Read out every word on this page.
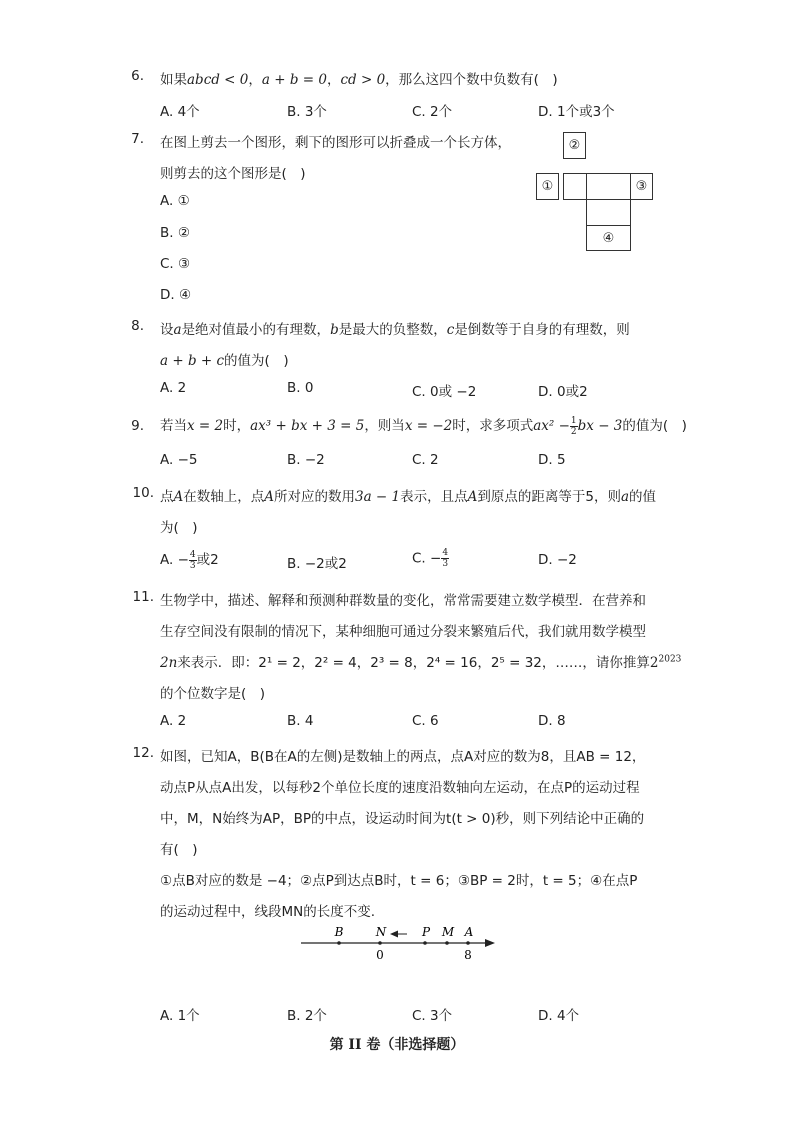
6. 如果abcd < 0，a + b = 0，cd > 0，那么这四个数中负数有(　)
A. 4个	B. 3个	C. 2个	D. 1个或3个
7. 在图上剪去一个图形，剩下的图形可以折叠成一个长方体，
则剪去的这个图形是(　)
A. ①
B. ②
C. ③
D. ④
②
①	③
④
8. 设a是绝对值最小的有理数，b是最大的负整数，c是倒数等于自身的有理数，则
a + b + c的值为(　)
A. 2	B. 0	C. 0或 −2	D. 0或2
9. 若当x = 2时，ax³ + bx + 3 = 5，则当x = −2时，求多项式$ax^2 - \frac{1}{2}$ bx − 3的值为(　)
A. −5	B. −2	C. 2	D. 5
10. 点A在数轴上，点A所对应的数用3a − 1表示，且点A到原点的距离等于5，则a的值
为(　)
A. − $\frac{4}{3}$ 或2	B. −2或2	C. − $\frac{4}{3}$	D. −2
11. 生物学中，描述、解释和预测种群数量的变化，常常需要建立数学模型．在营养和
生存空间没有限制的情况下，某种细胞可通过分裂来繁殖后代，我们就用数学模型
2n来表示．即：2¹ = 2，2² = 4，2³ = 8，2⁴ = 16，2⁵ = 32，……，请你推算$2^{2023}$
的个位数字是(　)
A. 2	B. 4	C. 6	D. 8
12. 如图，已知A，B(B在A的左侧)是数轴上的两点，点A对应的数为8，且AB = 12，
动点P从点A出发，以每秒2个单位长度的速度沿数轴向左运动，在点P的运动过程
中，M，N始终为AP，BP的中点，设运动时间为t(t > 0)秒，则下列结论中正确的
有(　)
①点B对应的数是 −4；②点P到达点B时，t = 6；③BP = 2时，t = 5；④在点P
的运动过程中，线段MN的长度不变.
B	N	P M A
0	8
A. 1个	B. 2个	C. 3个	D. 4个
第 II 卷（非选择题）
